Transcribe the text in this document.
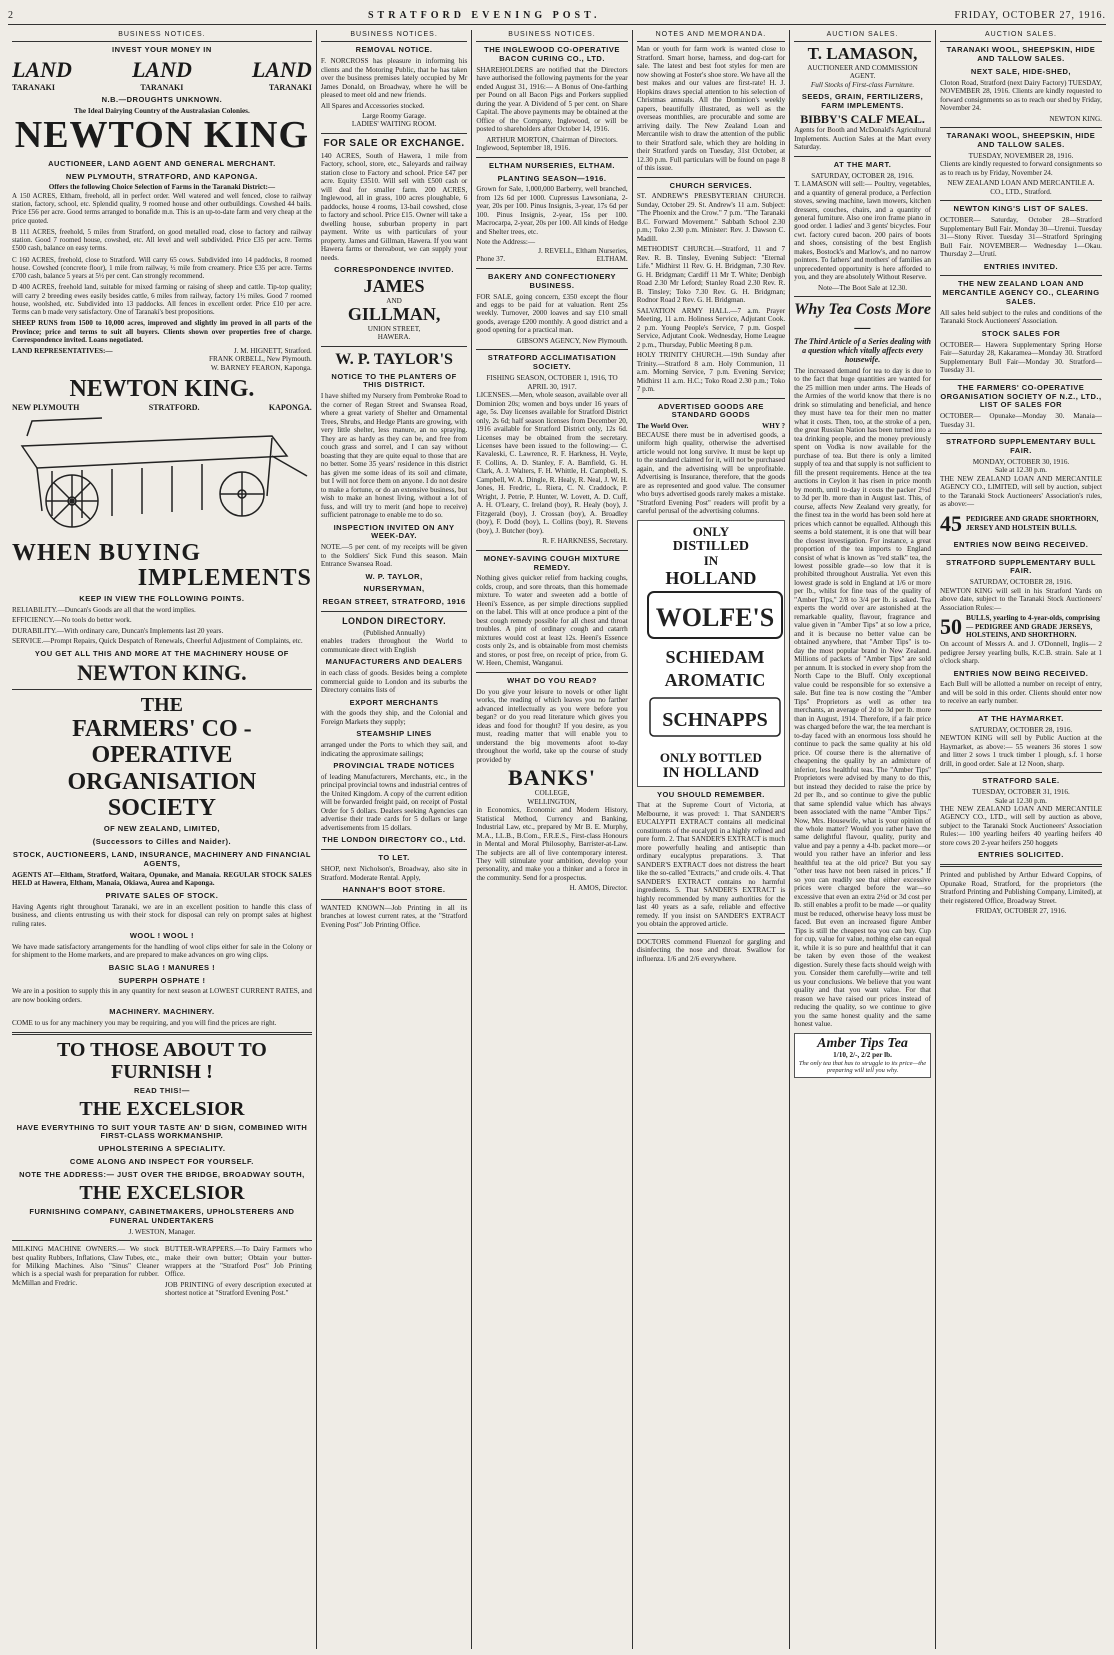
2	STRATFORD EVENING POST.	FRIDAY, OCTOBER 27, 1916.
BUSINESS NOTICES.
INVEST YOUR MONEY IN
LAND	LAND	LAND
TARANAKI	TARANAKI	TARANAKI
N.B.—DROUGHTS UNKNOWN.
The Ideal Dairying Country of the Australasian Colonies.
NEWTON KING
AUCTIONEER, LAND AGENT AND GENERAL MERCHANT.
NEW PLYMOUTH, STRATFORD, AND KAPONGA.
Offers the following Choice Selection of Farms in the Taranaki District:—

A 150 ACRES, Eltham, freehold, all in perfect order. Well watered and well fenced, close to railway station, factory, school, etc. Splendid quality, 9 roomed house and other outbuildings. Cowshed 44 bails. Price £56 per acre. Good terms arranged to bonafide m.n. This is an up-to-date farm and very cheap at the price quoted.

B 111 ACRES, freehold, 5 miles from Stratford, on good metalled road, close to factory and railway station. Good 7 roomed house, cowshed, etc. All level and well subdivided. Price £35 per acre. Terms £500 cash, balance on easy terms.

C 160 ACRES, freehold, close to Stratford. Will carry 65 cows. Subdivided into 14 paddocks, 8 roomed house. Cowshed (concrete floor), 1 mile from railway, ½ mile from creamery. Price £35 per acre. Terms £700 cash, balance 5 years at 5½ per cent. Can strongly recommend.

D 400 ACRES, freehold land, suitable for mixed farming or raising of sheep and cattle. Tip-top quality; will carry 2 breeding ewes easily besides cattle, 6 miles from railway, factory 1½ miles. Good 7 roomed house, woolshed, etc. Subdivided into 13 paddocks. All fences in excellent order. Price £10 per acre. Terms can b made very satisfactory. One of Taranaki's best propositions.

SHEEP RUNS from 1500 to 10,000 acres, improved and slightly im proved in all parts of the Province; price and terms to suit all buyers. Clients shown over properties free of charge. Correspondence invited. Loans negotiated.

LAND REPRESENTATIVES:—	J. M. HIGNETT, Stratford.
FRANK ORBELL, New Plymouth.
W. BARNEY FEARON, Kaponga.
NEWTON KING.
NEW PLYMOUTH	STRATFORD.	KAPONGA.
WHEN BUYING
IMPLEMENTS
KEEP IN VIEW THE FOLLOWING POINTS.

RELIABILITY.—Duncan's Goods are all that the word implies.

EFFICIENCY.—No tools do better work.

DURABILITY.—With ordinary care, Duncan's Implements last 20 years.

SERVICE.—Prompt Repairs, Quick Despatch of Renewals, Cheerful Adjustment of Complaints, etc.

YOU GET ALL THIS AND MORE AT THE MACHINERY HOUSE OF
NEWTON KING.
THE
FARMERS' CO - OPERATIVE
ORGANISATION SOCIETY
OF NEW ZEALAND, LIMITED,
(Successors to Cilles and Naider).
STOCK, AUCTIONEERS, LAND, INSURANCE, MACHINERY AND FINANCIAL AGENTS,

AGENTS AT—Eltham, Stratford, Waitara, Opunake, and Manaia. REGULAR STOCK SALES HELD at Hawera, Eltham, Manaia, Okiawa, Aurea and Kaponga.

PRIVATE SALES OF STOCK.

Having Agents right throughout Taranaki, we are in an excellent position to handle this class of business, and clients entrusting us with their stock for disposal can rely on prompt sales at highest ruling rates.

WOOL ! WOOL !

We have made satisfactory arrangements for the handling of wool clips either for sale in the Colony or for shipment to the Home markets, and are prepared to make advances on gro wing clips.

BASIC SLAG ! MANURES !
SUPERPH OSPHATE !

We are in a position to supply this in any quantity for next season at LOWEST CURRENT RATES, and are now booking orders.

MACHINERY. MACHINERY.

COME to us for any machinery you may be requiring, and you will find the prices are right.

TO THOSE ABOUT TO FURNISH !
READ THIS!—
THE EXCELSIOR
HAVE EVERYTHING TO SUIT YOUR TASTE AN' D SIGN, COMBINED WITH FIRST-CLASS WORKMANSHIP.
UPHOLSTERING A SPECIALITY.
COME ALONG AND INSPECT FOR YOURSELF.
NOTE THE ADDRESS:— JUST OVER THE BRIDGE, BROADWAY SOUTH,
THE EXCELSIOR
FURNISHING COMPANY, CABINETMAKERS, UPHOLSTERERS AND FUNERAL UNDERTAKERS
J. WESTON, Manager.

MILKING MACHINE OWNERS.— We stock best quality Rubbers, Inflations, Claw Tubes, etc., for Milking Machines. Also "Sinus" Cleaner which is a special wash for preparation for rubber. McMillan and Fredric.

BUTTER-WRAPPERS.—To Dairy Farmers who make their own butter; Obtain your butter-wrappers at the "Stratford Post" Job Printing Office.

JOB PRINTING of every description executed at shortest notice at "Stratford Evening Post."

BUSINESS NOTICES.
REMOVAL NOTICE.

F. NORCROSS has pleasure in informing his clients and the Motoring Public, that he has taken over the business premises lately occupied by Mr James Donald, on Broadway, where he will be pleased to meet old and new friends.

All Spares and Accessories stocked.

Large Roomy Garage.
LADIES' WAITING ROOM.
FOR SALE OR EXCHANGE.

140 ACRES, South of Hawera, 1 mile from Factory, school, store, etc., Saleyards and railway station close to Factory and school. Price £47 per acre. Equity £3510. Will sell with £500 cash or will deal for smaller farm. 200 ACRES, Inglewood, all in grass, 100 acres ploughable, 6 paddocks, house 4 rooms, 13-bail cowshed, close to factory and school. Price £15. Owner will take a dwelling house, suburban property in part payment. Write us with particulars of your property. James and Gillman, Hawera. If you want Hawera farms or thereabout, we can supply your needs.

CORRESPONDENCE INVITED.
JAMES
AND
GILLMAN,
UNION STREET,
HAWERA.
W. P. TAYLOR'S
NOTICE TO THE PLANTERS OF THIS DISTRICT.

I have shifted my Nursery from Pembroke Road to the corner of Regan Street and Swansea Road, where a great variety of Shelter and Ornamental Trees, Shrubs, and Hedge Plants are growing, with very little shelter, less manure, an no spraying. They are as hardy as they can be, and free from couch grass and sorrel, and I can say without boasting that they are quite equal to those that are no better. Some 35 years' residence in this district has given me some ideas of its soil and climate, but I will not force them on anyone. I do not desire to make a fortune, or do an extensive business, but wish to make an honest living, without a lot of fuss, and will try to merit (and hope to receive) sufficient patronage to enable me to do so.

INSPECTION INVITED ON ANY WEEK-DAY.

NOTE.—5 per cent. of my receipts will be given to the Soldiers' Sick Fund this season. Main Entrance Swansea Road.

W. P. TAYLOR,
NURSERYMAN,
REGAN STREET, STRATFORD, 1916
LONDON DIRECTORY.
(Published Annually)

enables traders throughout the World to communicate direct with English

MANUFACTURERS AND DEALERS

in each class of goods. Besides being a complete commercial guide to London and its suburbs the Directory contains lists of

EXPORT MERCHANTS

with the goods they ship, and the Colonial and Foreign Markets they supply;

STEAMSHIP LINES

arranged under the Ports to which they sail, and indicating the approximate sailings;

PROVINCIAL TRADE NOTICES

of leading Manufacturers, Merchants, etc., in the principal provincial towns and industrial centres of the United Kingdom. A copy of the current edition will be forwarded freight paid, on receipt of Postal Order for 5 dollars. Dealers seeking Agencies can advertise their trade cards for 5 dollars or large advertisements from 15 dollars.

THE LONDON DIRECTORY CO., Ltd.
TO LET.

SHOP, next Nicholson's, Broadway, also site in Stratford. Moderate Rental. Apply,

HANNAH'S BOOT STORE.

WANTED KNOWN—Job Printing in all its branches at lowest current rates, at the "Stratford Evening Post" Job Printing Office.

BUSINESS NOTICES.
THE INGLEWOOD CO-OPERATIVE BACON CURING CO., LTD.

SHAREHOLDERS are notified that the Directors have authorised the following payments for the year ended August 31, 1916:— A Bonus of One-farthing per Pound on all Bacon Pigs and Porkers supplied during the year. A Dividend of 5 per cent. on Share Capital. The above payments may be obtained at the Office of the Company, Inglewood, or will be posted to shareholders after October 14, 1916.

ARTHUR MORTON, Chairman of Directors.
Inglewood, September 18, 1916.
ELTHAM NURSERIES, ELTHAM.
PLANTING SEASON—1916.

Grown for Sale, 1,000,000 Barberry, well branched, from 12s 6d per 1000. Cupressus Lawsoniana, 2-year, 20s per 100. Pinus Insignis, 3-year, 17s 6d per 100. Pinus Insignis, 2-year, 15s per 100. Macrocarpa, 2-year, 20s per 100. All kinds of Hedge and Shelter trees, etc.

Note the Address:—
J. REVELL, Eltham Nurseries,
Phone 37.	ELTHAM.
BAKERY AND CONFECTIONERY BUSINESS.

FOR SALE, going concern, £350 except the flour and eggs to be paid for at valuation. Rent 25s weekly. Turnover, 2000 loaves and say £10 small goods, average £200 monthly. A good district and a good opening for a practical man.

GIBSON'S AGENCY, New Plymouth.
STRATFORD ACCLIMATISATION SOCIETY.
FISHING SEASON, OCTOBER 1, 1916, TO APRIL 30, 1917.

LICENSES.—Men, whole season, available over all Dominion 20s; women and boys under 16 years of age, 5s. Day licenses available for Stratford District only, 2s 6d; half season licenses from December 20, 1916 available for Stratford District only, 12s 6d. Licenses may be obtained from the secretary. Licenses have been issued to the following:— C. Kavaleski, C. Lawrence, R. F. Harkness, H. Veyle, F. Collins, A. D. Stanley, F. A. Bamfield, G. H. Clark, A. J. Walters, F. H. Whittle, H. Campbell, S. Campbell, W. A. Dingle, R. Healy, R. Neal, J. W. H. Jones, H. Fredric, L. Riera, C. N. Craddock, P. Wright, J. Petrie, P. Hunter, W. Lovett, A. D. Cuff, A. H. O'Leary, C. Ireland (boy), R. Healy (boy), J. Fitzgerald (boy), J. Crossan (boy), A. Broadley (boy), F. Dodd (boy), L. Collins (boy), R. Stevens (boy), J. Butcher (boy).

R. F. HARKNESS, Secretary.
MONEY-SAVING COUGH MIXTURE REMEDY.

Nothing gives quicker relief from hacking coughs, colds, croup, and sore throats, than this homemade mixture. To water and sweeten add a bottle of Heeni's Essence, as per simple directions supplied on the label. This will at once produce a pint of the best cough remedy possible for all chest and throat troubles. A pint of ordinary cough and catarrh mixtures would cost at least 12s. Heeni's Essence costs only 2s, and is obtainable from most chemists and stores, or post free, on receipt of price, from G. W. Heen, Chemist, Wanganui.

WHAT DO YOU READ?

Do you give your leisure to novels or other light works, the reading of which leaves you no farther advanced intellectually as you were before you began? or do you read literature which gives you ideas and food for thought? If you desire, as you must, reading matter that will enable you to understand the big movements afoot to-day throughout the world, take up the course of study provided by

BANKS'
COLLEGE,
WELLINGTON,

in Economics, Economic and Modern History, Statistical Method, Currency and Banking, Industrial Law, etc., prepared by Mr B. E. Murphy, M.A., LL.B., B.Com., F.R.E.S., First-class Honours in Mental and Moral Philosophy, Barrister-at-Law. The subjects are all of live contemporary interest. They will stimulate your ambition, develop your personality, and make you a thinker and a force in the community. Send for a prospectus.

H. AMOS, Director.
NOTES AND MEMORANDA.

Man or youth for farm work is wanted close to Stratford. Smart horse, harness, and dog-cart for sale. The latest and best foot styles for men are now showing at Foster's shoe store. We have all the best makes and our values are first-rate! H. J. Hopkins draws special attention to his selection of Christmas annuals. All the Dominion's weekly papers, beautifully illustrated, as well as the overseas monthlies, are procurable and some are arriving daily. The New Zealand Loan and Mercantile wish to draw the attention of the public to their Stratford sale, which they are holding in their Stratford yards on Tuesday, 31st October, at 12.30 p.m. Full particulars will be found on page 8 of this issue.

CHURCH SERVICES.

ST. ANDREW'S PRESBYTERIAN CHURCH. Sunday, October 29. St. Andrew's 11 a.m. Subject: "The Phoenix and the Crow." 7 p.m. "The Taranaki B.C. Forward Movement." Sabbath School 2.30 p.m.; Toko 2.30 p.m. Minister: Rev. J. Dawson C. Madill.

METHODIST CHURCH.—Stratford, 11 and 7 Rev. R. B. Tinsley, Evening Subject: "Eternal Life." Midhirst 11 Rev. G. H. Bridgman, 7.30 Rev. G. H. Bridgman; Cardiff 11 Mr T. White; Denbigh Road 2.30 Mr Leford; Stanley Road 2.30 Rev. R. B. Tinsley; Toko 7.30 Rev. G. H. Bridgman; Rodnor Road 2 Rev. G. H. Bridgman.

SALVATION ARMY HALL.—7 a.m. Prayer Meeting, 11 a.m. Holiness Service, Adjutant Cook. 2 p.m. Young People's Service, 7 p.m. Gospel Service, Adjutant Cook. Wednesday, Home League 2 p.m., Thursday, Public Meeting 8 p.m.

HOLY TRINITY CHURCH.—19th Sunday after Trinity.—Stratford 8 a.m. Holy Communion, 11 a.m. Morning Service, 7 p.m. Evening Service; Midhirst 11 a.m. H.C.; Toko Road 2.30 p.m.; Toko 7 p.m.

ADVERTISED GOODS ARE STANDARD GOODS
The World Over.	WHY ?

BECAUSE there must be in advertised goods, a uniform high quality, otherwise the advertised article would not long survive. It must be kept up to the standard claimed for it, will not be purchased again, and the advertising will be unprofitable. Advertising is Insurance, therefore, that the goods are as represented and good value. The consumer who buys advertised goods rarely makes a mistake. "Stratford Evening Post" readers will profit by a careful perusal of the advertising columns.

ONLY
DISTILLED
IN
HOLLAND
WOLFE'S
SCHIEDAM
AROMATIC
SCHNAPPS
ONLY BOTTLED
IN HOLLAND
YOU SHOULD REMEMBER.

That at the Supreme Court of Victoria, at Melbourne, it was proved: 1. That SANDER'S EUCALYPTI EXTRACT contains all medicinal constituents of the eucalypti in a highly refined and pure form. 2. That SANDER'S EXTRACT is much more powerfully healing and antiseptic than ordinary eucalyptus preparations. 3. That SANDER'S EXTRACT does not distress the heart like the so-called "Extracts," and crude oils. 4. That SANDER'S EXTRACT contains no harmful ingredients. 5. That SANDER'S EXTRACT is highly recommended by many authorities for the last 40 years as a safe, reliable and effective remedy. If you insist on SANDER'S EXTRACT you obtain the approved article.

DOCTORS commend Fluenzol for gargling and disinfecting the nose and throat. Swallow for influenza. 1/6 and 2/6 everywhere.

AUCTION SALES.
T. LAMASON,
AUCTIONEER AND COMMISSION AGENT.
Full Stocks of First-class Furniture.
SEEDS, GRAIN, FERTILIZERS, FARM IMPLEMENTS.
BIBBY'S CALF MEAL.

Agents for Booth and McDonald's Agricultural Implements. Auction Sales at the Mart every Saturday.

AT THE MART.
SATURDAY, OCTOBER 28, 1916.

T. LAMASON will sell:— Poultry, vegetables, and a quantity of general produce, a Perfection stoves, sewing machine, lawn mowers, kitchen dressers, couches, chairs, and a quantity of general furniture. Also one iron frame piano in good order. 1 ladies' and 3 gents' bicycles. Four cwt. factory cured bacon. 200 pairs of boots and shoes, consisting of the best English makes, Bostock's and Marlow's, and no narrow pointers. To fathers' and mothers' of families an unprecedented opportunity is here afforded to you, and they are absolutely Without Reserve.

Note—The Boot Sale at 12.30.
Why Tea Costs More—

The Third Article of a Series dealing with a question which vitally affects every housewife.

The increased demand for tea to day is due to to the fact that huge quantities are wanted for the 25 million men under arms. The Heads of the Armies of the world know that there is no drink so stimulating and beneficial, and hence they must have tea for their men no matter what it costs. Then, too, at the stroke of a pen, the great Russian Nation has been turned into a tea drinking people, and the money previously spent on Vodka is now available for the purchase of tea. But there is only a limited supply of tea and that supply is not sufficient to fill the present requirements. Hence at the tea auctions in Ceylon it has risen in price month by month, until to-day it costs the packer 2½d to 3d per lb. more than in August last. This, of course, affects New Zealand very greatly, for the finest tea in the world has been sold here at prices which cannot be equalled. Although this seems a bold statement, it is one that will bear the closest investigation. For instance, a great proportion of the tea imports to England consist of what is known as "red stalk" tea, the lowest possible grade—so low that it is prohibited throughout Australia. Yet even this lowest grade is sold in England at 1/6 or more per lb., whilst for fine teas of the quality of "Amber Tips," 2/8 to 3/4 per lb. is asked. Tea experts the world over are astonished at the remarkable quality, flavour, fragrance and value given in "Amber Tips" at so low a price, and it is because no better value can be obtained anywhere, that "Amber Tips" is to-day the most popular brand in New Zealand. Millions of packets of "Amber Tips" are sold per annum. It is stocked in every shop from the North Cape to the Bluff. Only exceptional value could be responsible for so extensive a sale. But fine tea is now costing the "Amber Tips" Proprietors as well as other tea merchants, an average of 2d to 3d per lb. more than in August, 1914. Therefore, if a fair price was charged before the war, the tea merchant is to-day faced with an enormous loss should he continue to pack the same quality at his old price. Of course there is the alternative of cheapening the quality by an admixture of inferior, less healthful teas. The "Amber Tips" Proprietors were advised by many to do this, but instead they decided to raise the price by 2d per lb., and so continue to give the public that same splendid value which has always been associated with the name "Amber Tips." Now, Mrs. Housewife, what is your opinion of the whole matter? Would you rather have the same delightful flavour, quality, purity and value and pay a penny a 4-lb. packet more—or would you rather have an inferior and less healthful tea at the old price? But you say "other teas have not been raised in prices." If so you can readily see that either excessive prices were charged before the war—so excessive that even an extra 2½d or 3d cost per lb. still enables a profit to be made —or quality must be reduced, otherwise heavy loss must be faced. But even an increased figure Amber Tips is still the cheapest tea you can buy. Cup for cup, value for value, nothing else can equal it, while it is so pure and healthful that it can be taken by even those of the weakest digestion. Surely these facts should weigh with you. Consider them carefully—write and tell us your conclusions. We believe that you want quality and that you want value. For that reason we have raised our prices instead of reducing the quality, so we continue to give you the same honest quality and the same honest value.

Amber Tips Tea
1/10, 2/-, 2/2 per lb.
The only tea that has to struggle to its price—the preparing will tell you why.
AUCTION SALES.
TARANAKI WOOL, SHEEPSKIN, HIDE AND TALLOW SALES.
NEXT SALE, HIDE-SHED,

Cloton Road, Stratford (next Dairy Factory) TUESDAY, NOVEMBER 28, 1916. Clients are kindly requested to forward consignments so as to reach our shed by Friday, November 24.

NEWTON KING.
TARANAKI WOOL, SHEEPSKIN, HIDE AND TALLOW SALES.
TUESDAY, NOVEMBER 28, 1916.

Clients are kindly requested to forward consignments so as to reach us by Friday, November 24.

NEW ZEALAND LOAN AND MERCANTILE A. CO., LTD., Stratford.
NEWTON KING'S LIST OF SALES.

OCTOBER— Saturday, October 28—Stratford Supplementary Bull Fair. Monday 30—Urenui. Tuesday 31—Stony River. Tuesday 31—Stratford Springing Bull Fair. NOVEMBER— Wednesday 1—Okau. Thursday 2—Urutí.

ENTRIES INVITED.
THE NEW ZEALAND LOAN AND MERCANTILE AGENCY CO., CLEARING SALES.

All sales held subject to the rules and conditions of the Taranaki Stock Auctioneers' Association.

STOCK SALES FOR

OCTOBER— Hawera Supplementary Spring Horse Fair—Saturday 28, Kakaramea—Monday 30. Stratford Supplementary Bull Fair—Monday 30. Stratford—Tuesday 31.

THE FARMERS' CO-OPERATIVE ORGANISATION SOCIETY OF N.Z., LTD., LIST OF SALES FOR

OCTOBER— Opunake—Monday 30. Manaia—Tuesday 31.

STRATFORD SUPPLEMENTARY BULL FAIR.
MONDAY, OCTOBER 30, 1916.
Sale at 12.30 p.m.

THE NEW ZEALAND LOAN AND MERCANTILE AGENCY CO., LIMITED, will sell by auction, subject to the Taranaki Stock Auctioneers' Association's rules, as above:—

45 PEDIGREE AND GRADE SHORTHORN, JERSEY AND HOLSTEIN BULLS.
ENTRIES NOW BEING RECEIVED.
STRATFORD SUPPLEMENTARY BULL FAIR.
SATURDAY, OCTOBER 28, 1916.

NEWTON KING will sell in his Stratford Yards on above date, subject to the Taranaki Stock Auctioneers' Association Rules:—

50 BULLS, yearling to 4-year-olds, comprising— PEDIGREE AND GRADE JERSEYS, HOLSTEINS, AND SHORTHORN.

On account of Messrs A. and J. O'Donnell, Inglis— 2 pedigree Jersey yearling bulls, K.C.B. strain. Sale at 1 o'clock sharp.

ENTRIES NOW BEING RECEIVED.

Each Bull will be allotted a number on receipt of entry, and will be sold in this order. Clients should enter now to receive an early number.

AT THE HAYMARKET.
SATURDAY, OCTOBER 28, 1916.

NEWTON KING will sell by Public Auction at the Haymarket, as above:— 55 weaners 36 stores 1 sow and litter 2 sows 1 truck timber 1 plough, s.f. 1 horse drill, in good order. Sale at 12 Noon, sharp.

STRATFORD SALE.
TUESDAY, OCTOBER 31, 1916.
Sale at 12.30 p.m.

THE NEW ZEALAND LOAN AND MERCANTILE AGENCY CO., LTD., will sell by auction as above, subject to the Taranaki Stock Auctioneers' Association Rules:— 100 yearling heifers 40 yearling heifers 40 store cows 20 2-year heifers 250 hoggets

ENTRIES SOLICITED.

Printed and published by Arthur Edward Coppins, of Opunake Road, Stratford, for the proprietors (the Stratford Printing and Publishing Company, Limited), at their registered Office, Broadway Street.

FRIDAY, OCTOBER 27, 1916.
